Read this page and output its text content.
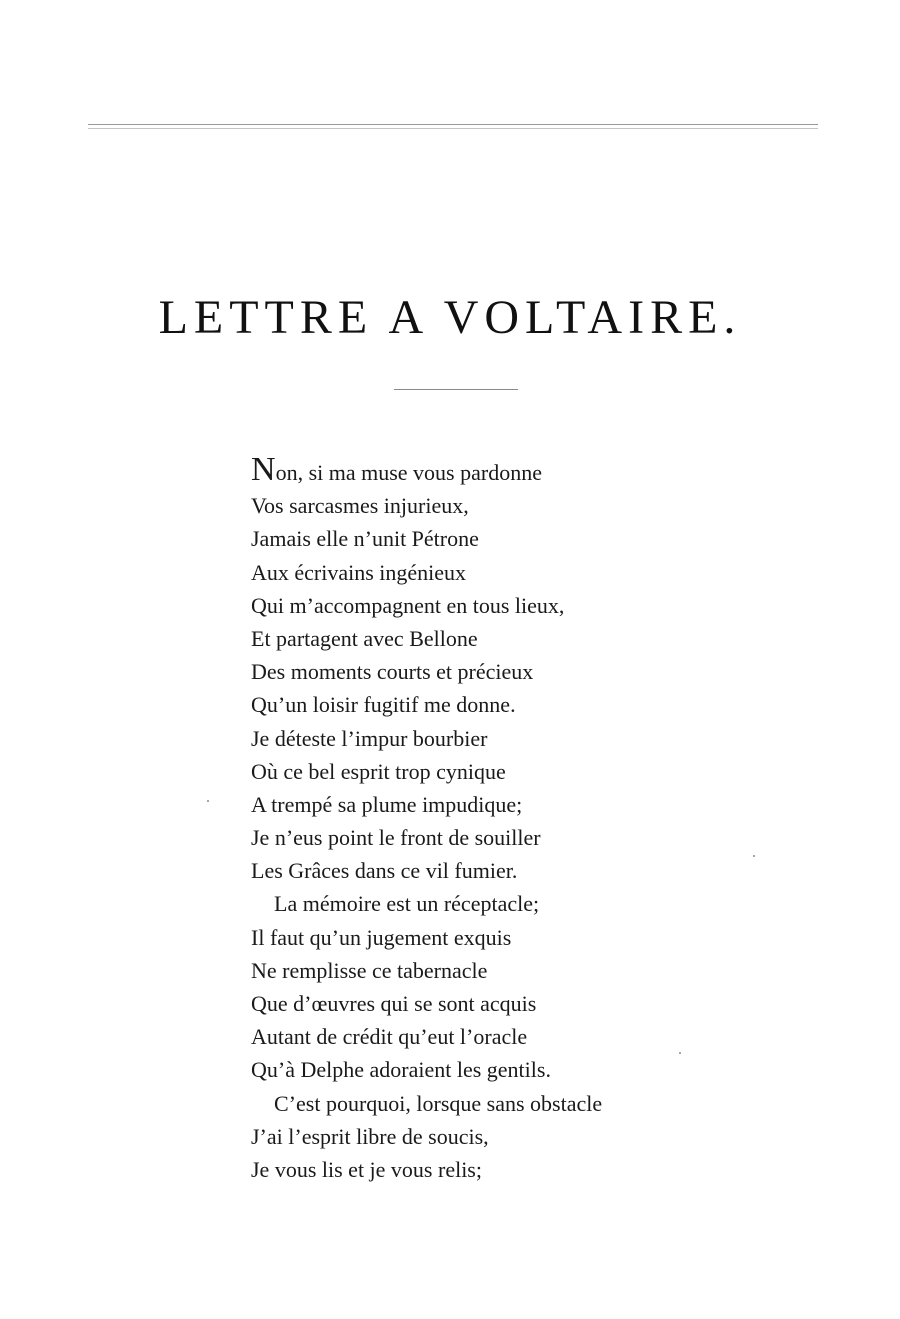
LETTRE A VOLTAIRE.
Non, si ma muse vous pardonne
Vos sarcasmes injurieux,
Jamais elle n’unit Pétrone
Aux écrivains ingénieux
Qui m’accompagnent en tous lieux,
Et partagent avec Bellone
Des moments courts et précieux
Qu’un loisir fugitif me donne.
Je déteste l’impur bourbier
Où ce bel esprit trop cynique
A trempé sa plume impudique;
Je n’eus point le front de souiller
Les Grâces dans ce vil fumier.
La mémoire est un réceptacle;
Il faut qu’un jugement exquis
Ne remplisse ce tabernacle
Que d’œuvres qui se sont acquis
Autant de crédit qu’eut l’oracle
Qu’à Delphe adoraient les gentils.
C’est pourquoi, lorsque sans obstacle
J’ai l’esprit libre de soucis,
Je vous lis et je vous relis;
